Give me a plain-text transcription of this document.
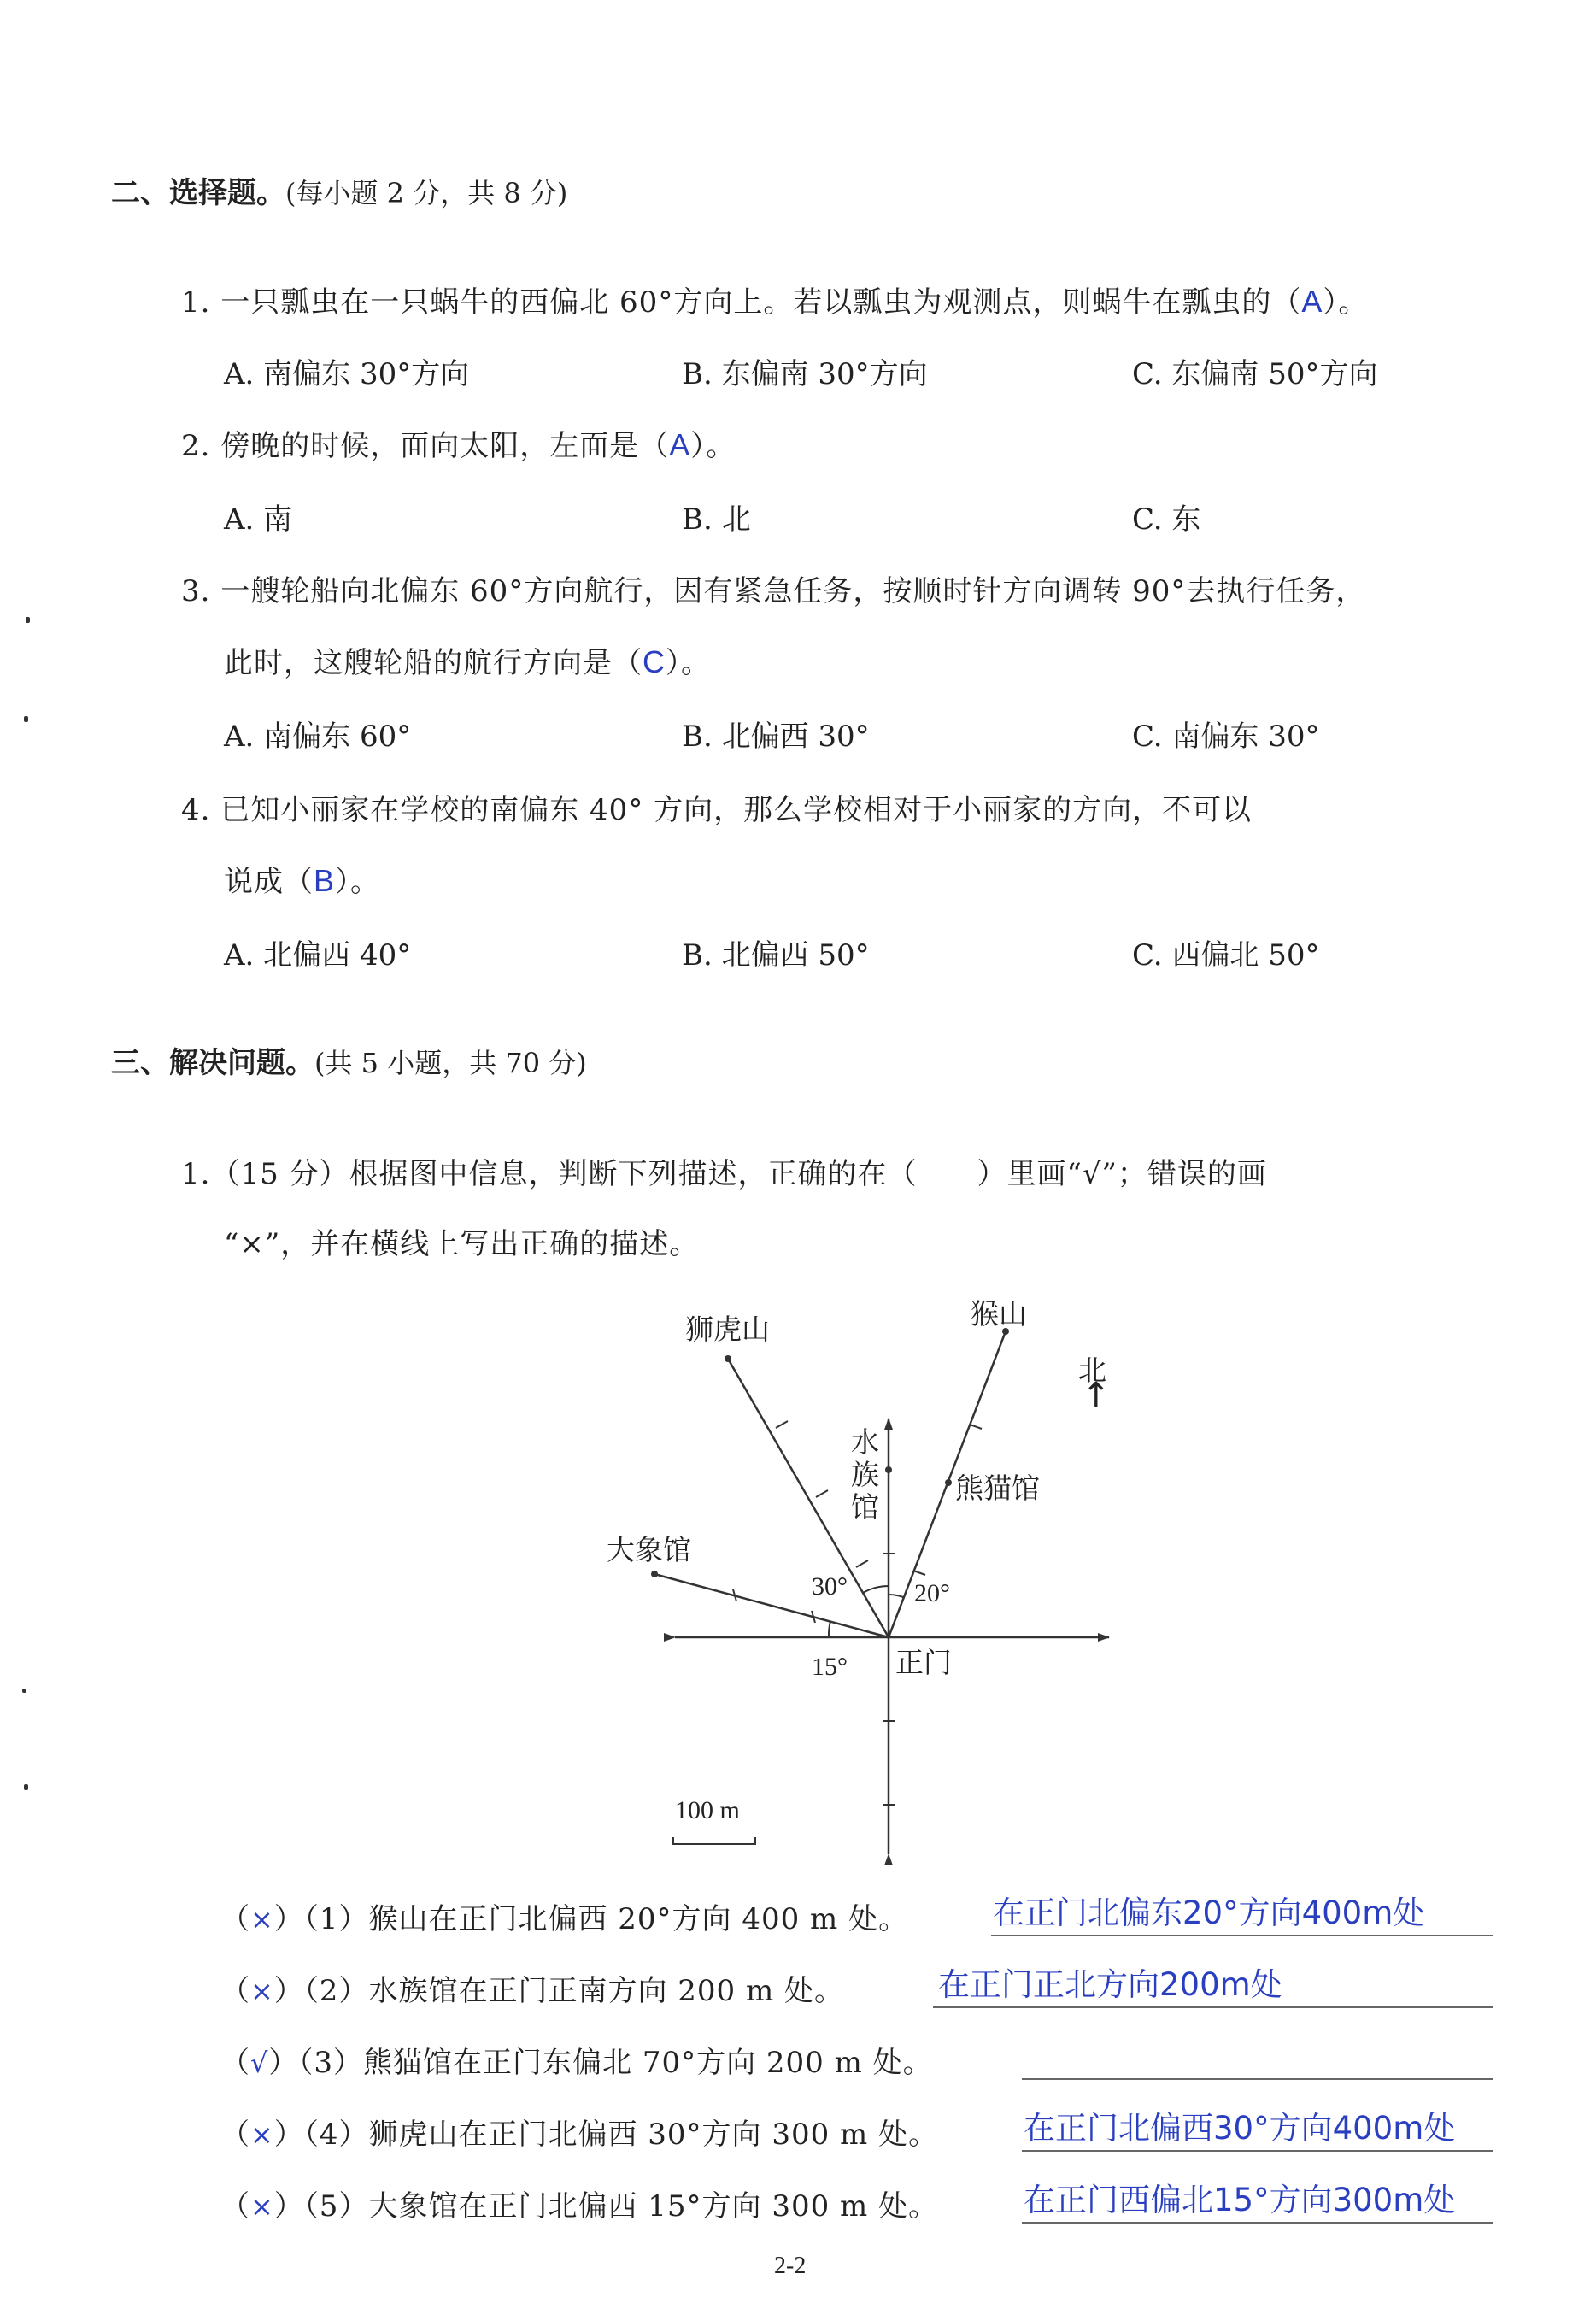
二、选择题。(每小题 2 分，共 8 分)
1. 一只瓢虫在一只蜗牛的西偏北 60°方向上。若以瓢虫为观测点，则蜗牛在瓢虫的（A）。
A. 南偏东 30°方向	B. 东偏南 30°方向	C. 东偏南 50°方向
2. 傍晚的时候，面向太阳，左面是（A）。
A. 南	B. 北	C. 东
3. 一艘轮船向北偏东 60°方向航行，因有紧急任务，按顺时针方向调转 90°去执行任务，
此时，这艘轮船的航行方向是（C）。
A. 南偏东 60°	B. 北偏西 30°	C. 南偏东 30°
4. 已知小丽家在学校的南偏东 40° 方向，那么学校相对于小丽家的方向，不可以
说成（B）。
A. 北偏西 40°	B. 北偏西 50°	C. 西偏北 50°
三、解决问题。(共 5 小题，共 70 分)
1.（15 分）根据图中信息，判断下列描述，正确的在（　　）里画“√”；错误的画
“×”，并在横线上写出正确的描述。
狮虎山	猴山
北
↑
水
族
馆
熊猫馆
大象馆
30°	20°
15° 正门
100 m
（×）（1）猴山在正门北偏西 20°方向 400 m 处。	在正门北偏东20°方向400m处
（×）（2）水族馆在正门正南方向 200 m 处。	在正门正北方向200m处
（√）（3）熊猫馆在正门东偏北 70°方向 200 m 处。
（×）（4）狮虎山在正门北偏西 30°方向 300 m 处。	在正门北偏西30°方向400m处
（×）（5）大象馆在正门北偏西 15°方向 300 m 处。	在正门西偏北15°方向300m处
2-2
